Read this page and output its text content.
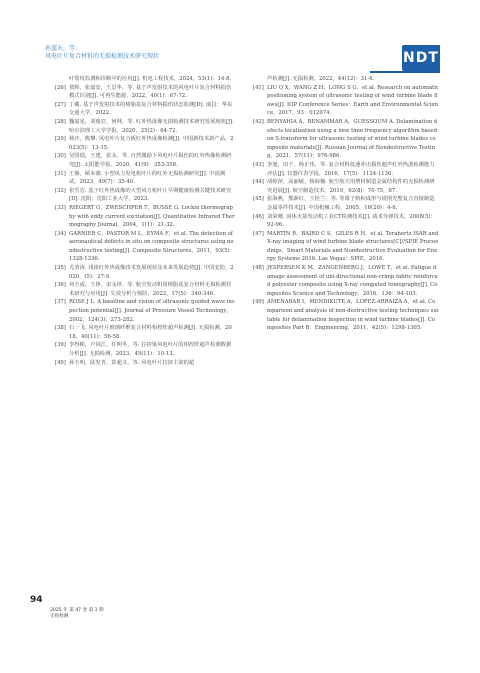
孙蓝天，等：
风电叶片复合材料的无损检测技术研究现状	NDT
叶裂纹监测和诊断中的应用[J]. 机电工程技术，2024，53(1)：14-8.
[26] 贾辉，张嘉安，王景华，等. 基于声发射技术的风电叶片复合材料损伤模式识别[J]. 可再生能源，2022，40(1)：67-72.
[27] 丁藏. 基于声发射技术的树脂基复合材料损伤状态监测[D]. 南昌：华东交通大学，2022.
[28] 魏嘉星，刘俊岩，何林，等. 红外热成像无损检测技术研究发展现状[J]. 哈尔滨理工大学学报，2020，25(2)：64-72.
[29] 杨庆，熊攀. 风电叶片复合板红外热成像检测[J]. 中国新技术新产品，2023(5)：13-15.
[30] 吴国瑞，王建，张永，等. 自然激励下风电叶片损伤的红外热像检测研究[J]. 太阳能学报，2020，41(9)：353-358.
[31] 王薇，顾未薇. 小型风力发电机叶片的红外无损检测研究[J]. 中国测试，2023，49(7)：35-40.
[32] 张雪岩. 基于红外热成像的大型风力机叶片早期健康检测关键技术研究[D]. 沈阳：沈阳工业大学，2023.
[33] RIEGERT G，ZWESCHPER T，BUSSE G. Lockin thermography with eddy current excitation[J]. Quantitative Infrared Thermography Journal，2004，1(1)：21-32.
[34] GARNIER C，PASTOR M L，EYMA F，et al. The detection of aeronautical defects in situ on composite structures using nondestructive testing[J]. Composite Structures，2011，93(5)：1328-1336.
[35] 尤清涛. 浅谈红外热成像技术发展现状及未来发展趋势[J]. 中国安防，2020，(5)：27-9.
[36] 何方成，王铮，宋永铎，等. 航空发动机用树脂基复合材料无损检测技术研究与应用[J]. 失效分析与预防，2022，17(5)：340-346.
[37] ROSE J L. A baseline and vision of ultrasonic guided wave inspection potential[J]. Journal of Pressure Vessel Technology，2002，124(3)：273-282.
[38] 石一飞. 风电叶片玻璃纤维复合材料相控阵超声检测[J]. 无损检测，2018，40(11)：56-58.
[39] 李得彬，卢同江，任明冬，等. 拉挤梁风电叶片的相控阵超声检测数据分析[J]. 无损检测，2023，45(11)：10-13.
[40] 孙玉明，陆发青，彭超义，等. 风电叶片拉挤主梁的超
声检测[J]. 无损检测，2022，44(12)：31-6.
[41] LIU Q X，WANG Z H，LONG S G，et al. Research on automatic positioning system of ultrasonic testing of wind turbine blade flaws[J]. IOP Conference Series：Earth and Environmental Science，2017，93：012074.
[42] BENYAHIA A，BENAMMAR A，GUESSOUM A. Delamination defects localization using a new time frequency algorithm based on S-transform for ultrasonic testing of wind turbine blades composite materials[J]. Russian Journal of Nondestructive Testing，2021，57(11)：976-986.
[43] 李旭，田干，杨正伟，等. 复合材料低速冲击损伤超声红外热波检测能力评估[J]. 仪器仪表学报，2016，17(5)：1124-1130.
[44] 胡婷萍，高丽敏，杨海楠. 航空航天用增材制造金属结构件的无损检测研究进展[J]. 航空制造技术，2019，62(8)：70-75，87.
[45] 张海燕，熊新红，王桂兰，等. 等离子熔积成形与铣削光整复合直接制造金属零件技术[J]. 中国机械工程，2005，16(20)：4-6.
[46] 刘荣珊. 固体火箭发动机工业CT检测技术[J]. 战术导弹技术，2008(5)：92-96.
[47] MARTIN R，BAIRD C S，GILES R H，et al. Terahertz ISAR and X-ray imaging of wind turbine blade structures[C]//SPIE Proceedings，Smart Materials and Nondestructive Evaluation for Energy Systems 2016. Las Vegas：SPIE，2016.
[48] JESPERSEN K M，ZANGENBERG J，LOWE T，et al. Fatigue damage assessment of uni-directional non-crimp fabric reinforced polyester composite using X-ray computed tomography[J]. Composites Science and Technology，2016，136：94-103.
[49] AMENABAR I，MENDIKUTE A，LOPEZ-ARRAIZA A，et al. Comparison and analysis of non-destructive testing techniques suitable for delamination inspection in wind turbine blades[J]. Composites Part B：Engineering，2011，42(5)：1298-1305.
94
2025 年 第 47 卷 第 1 期
无损检测
